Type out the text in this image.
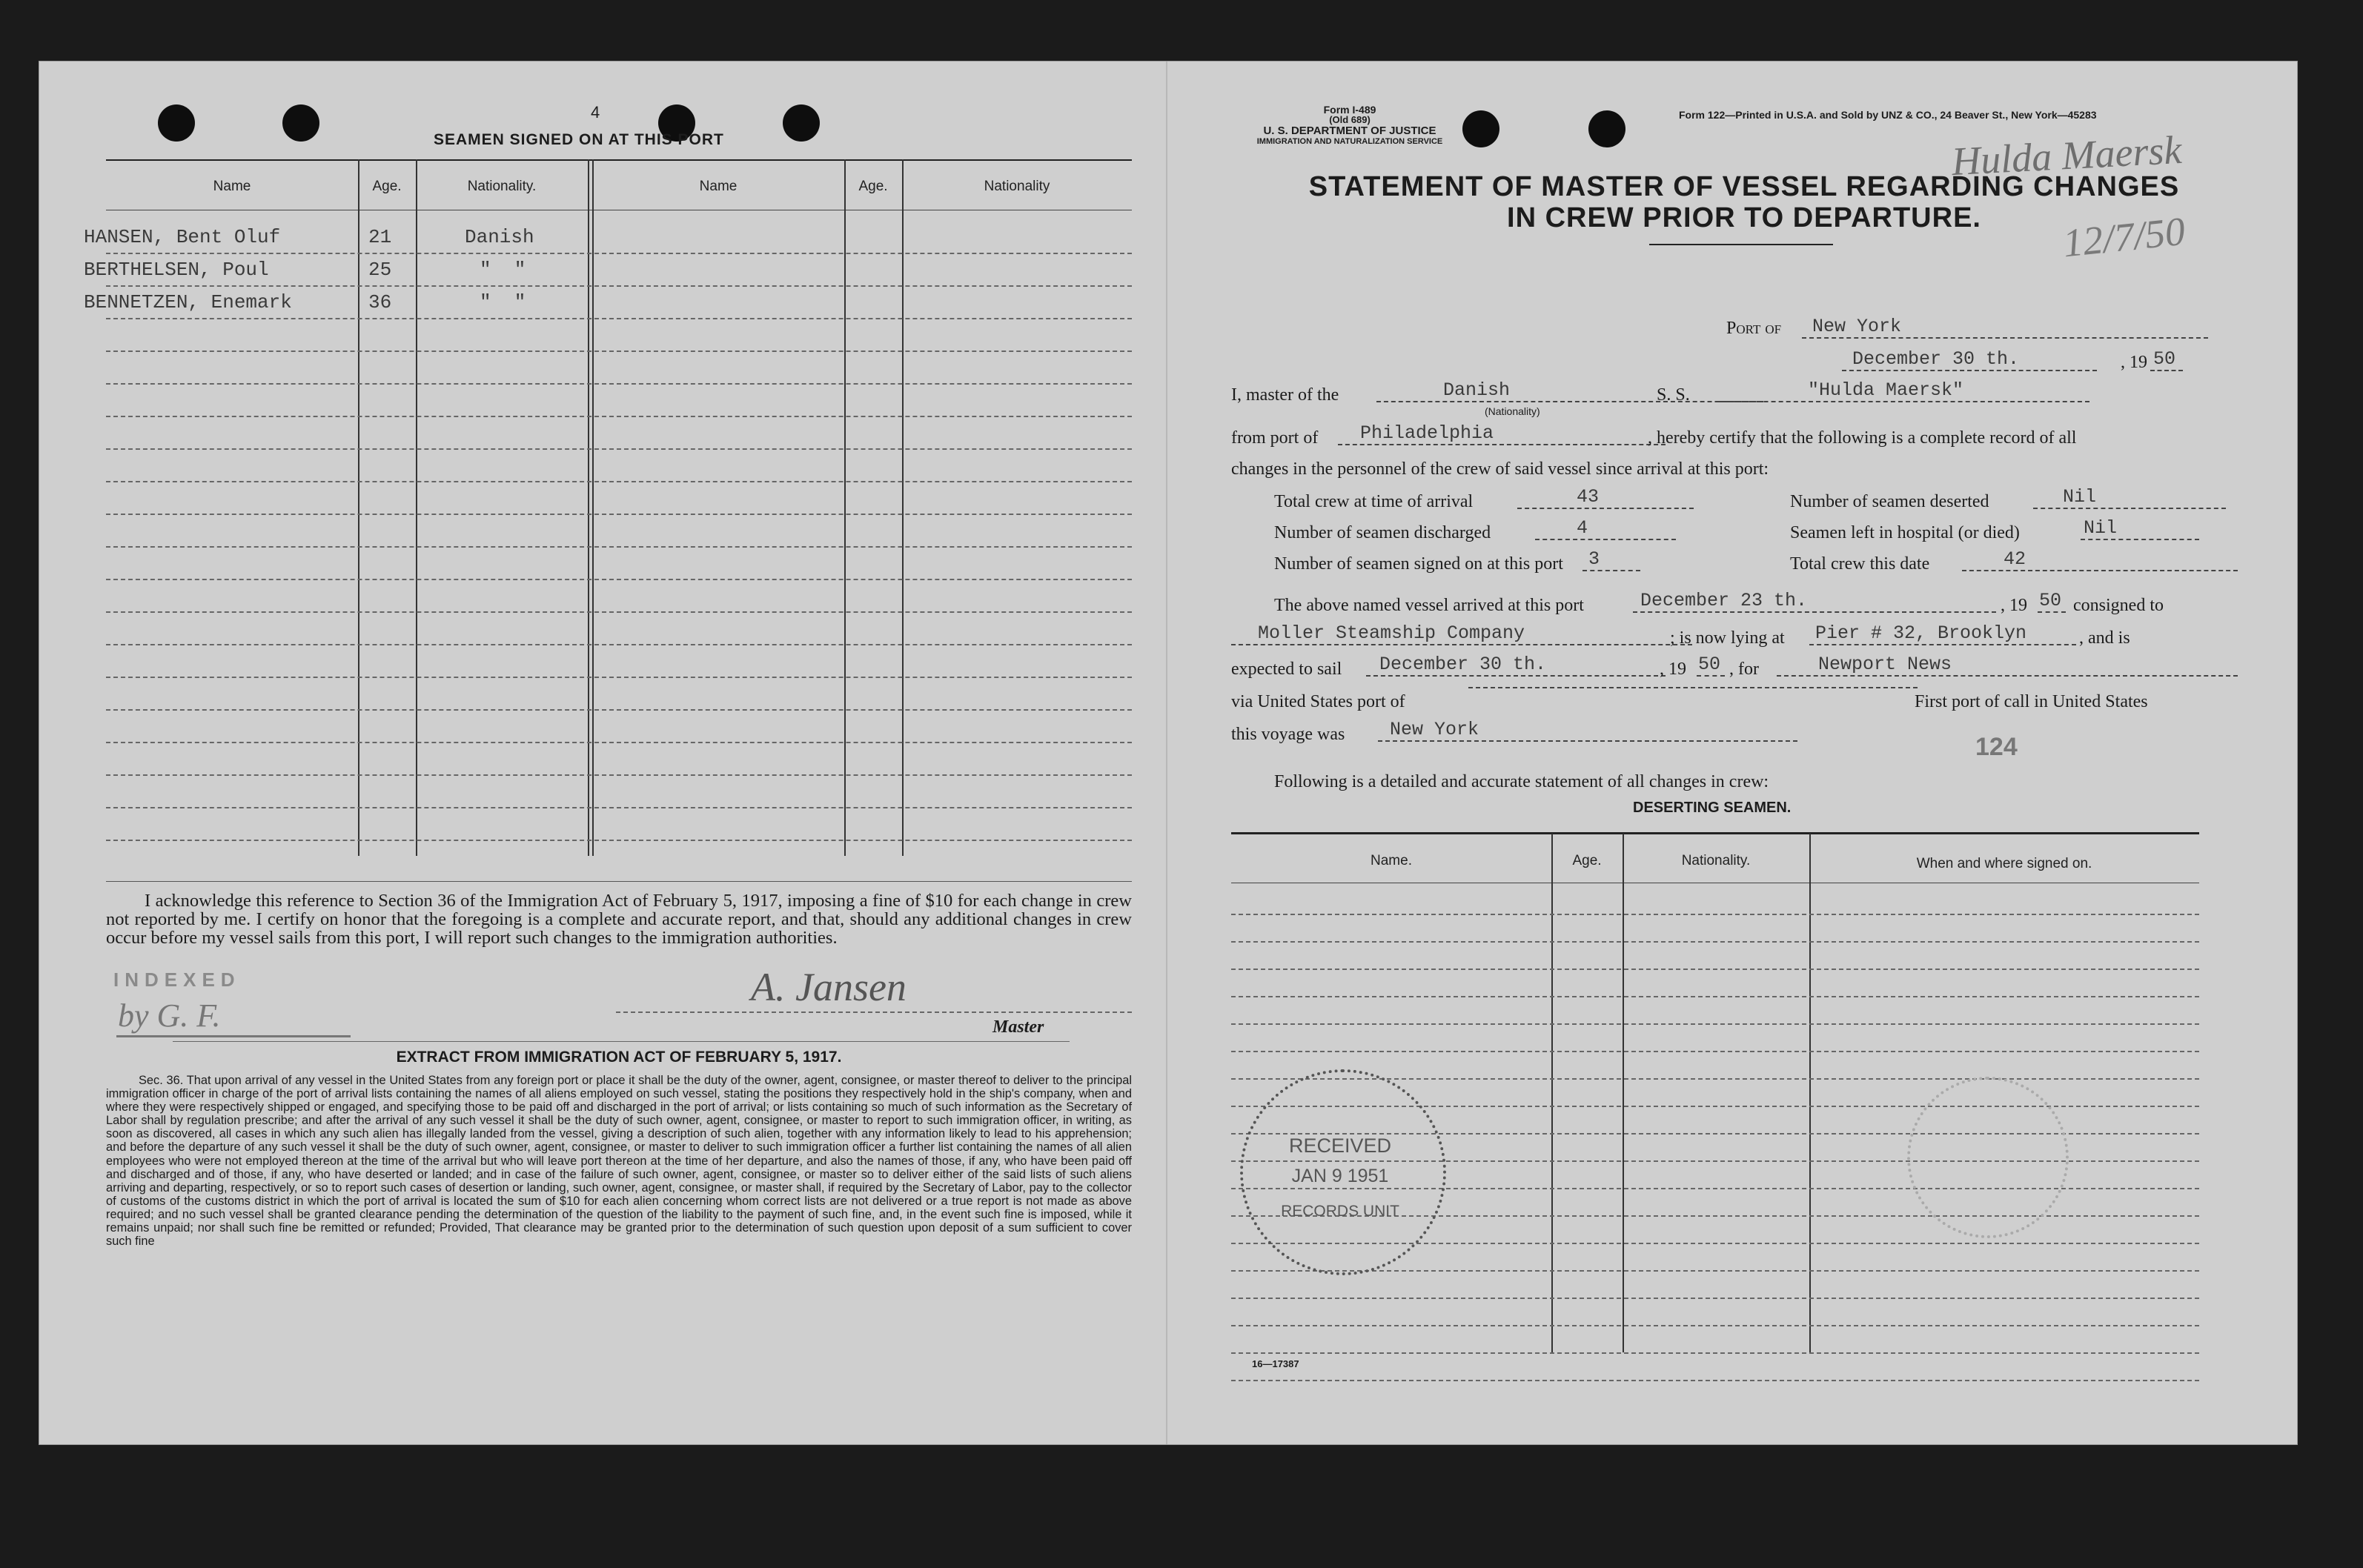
4
SEAMEN SIGNED ON AT THIS PORT
Name	Age.	Nationality.	Name	Age.	Nationality
HANSEN, Bent Oluf	21	Danish
BERTHELSEN, Poul	25	"  "
BENNETZEN, Enemark	36	"  "
I acknowledge this reference to Section 36 of the Immigration Act of February 5, 1917, imposing a fine of $10 for each change in crew not reported by me. I certify on honor that the foregoing is a complete and accurate report, and that, should any additional changes in crew occur before my vessel sails from this port, I will report such changes to the immigration authorities.
INDEXED
by G. F.
A. Jansen
Master
EXTRACT FROM IMMIGRATION ACT OF FEBRUARY 5, 1917.
Sec. 36. That upon arrival of any vessel in the United States from any foreign port or place it shall be the duty of the owner, agent, consignee, or master thereof to deliver to the principal immigration officer in charge of the port of arrival lists containing the names of all aliens employed on such vessel, stating the positions they respectively hold in the ship's company, when and where they were respectively shipped or engaged, and specifying those to be paid off and discharged in the port of arrival; or lists containing so much of such information as the Secretary of Labor shall by regulation prescribe; and after the arrival of any such vessel it shall be the duty of such owner, agent, consignee, or master to report to such immigration officer, in writing, as soon as discovered, all cases in which any such alien has illegally landed from the vessel, giving a description of such alien, together with any information likely to lead to his apprehension; and before the departure of any such vessel it shall be the duty of such owner, agent, consignee, or master to deliver to such immigration officer a further list containing the names of all alien employees who were not employed thereon at the time of the arrival but who will leave port thereon at the time of her departure, and also the names of those, if any, who have been paid off and discharged and of those, if any, who have deserted or landed; and in case of the failure of such owner, agent, consignee, or master so to deliver either of the said lists of such aliens arriving and departing, respectively, or so to report such cases of desertion or landing, such owner, agent, consignee, or master shall, if required by the Secretary of Labor, pay to the collector of customs of the customs district in which the port of arrival is located the sum of $10 for each alien concerning whom correct lists are not delivered or a true report is not made as above required; and no such vessel shall be granted clearance pending the determination of the question of the liability to the payment of such fine, and, in the event such fine is imposed, while it remains unpaid; nor shall such fine be remitted or refunded; Provided, That clearance may be granted prior to the determination of such question upon deposit of a sum sufficient to cover such fine
Form I-489
(Old 689)
U. S. DEPARTMENT OF JUSTICE
IMMIGRATION AND NATURALIZATION SERVICE
Form 122—Printed in U.S.A. and Sold by UNZ & CO., 24 Beaver St., New York—45283
Hulda Maersk
12/7/50
STATEMENT OF MASTER OF VESSEL REGARDING CHANGES
IN CREW PRIOR TO DEPARTURE.
Port of	New York
December 30 th.	, 19 50
I, master of the	Danish
(Nationality)
S. S.	"Hulda Maersk"
from port of	Philadelphia	, hereby certify that the following is a complete record of all
changes in the personnel of the crew of said vessel since arrival at this port:
Total crew at time of arrival	43	Number of seamen deserted	Nil
Number of seamen discharged	4	Seamen left in hospital (or died)	Nil
Number of seamen signed on at this port	3	Total crew this date	42
The above named vessel arrived at this port	December 23 th.	, 19 50 consigned to
Moller Steamship Company	; is now lying at	Pier # 32, Brooklyn	, and is
expected to sail	December 30 th.	, 19 50 , for	Newport News
via United States port of	First port of call in United States
this voyage was	New York
124
Following is a detailed and accurate statement of all changes in crew:
DESERTING SEAMEN.
Name.	Age.	Nationality.	When and where signed on.
RECEIVED
JAN 9 1951
RECORDS UNIT
16—17387
